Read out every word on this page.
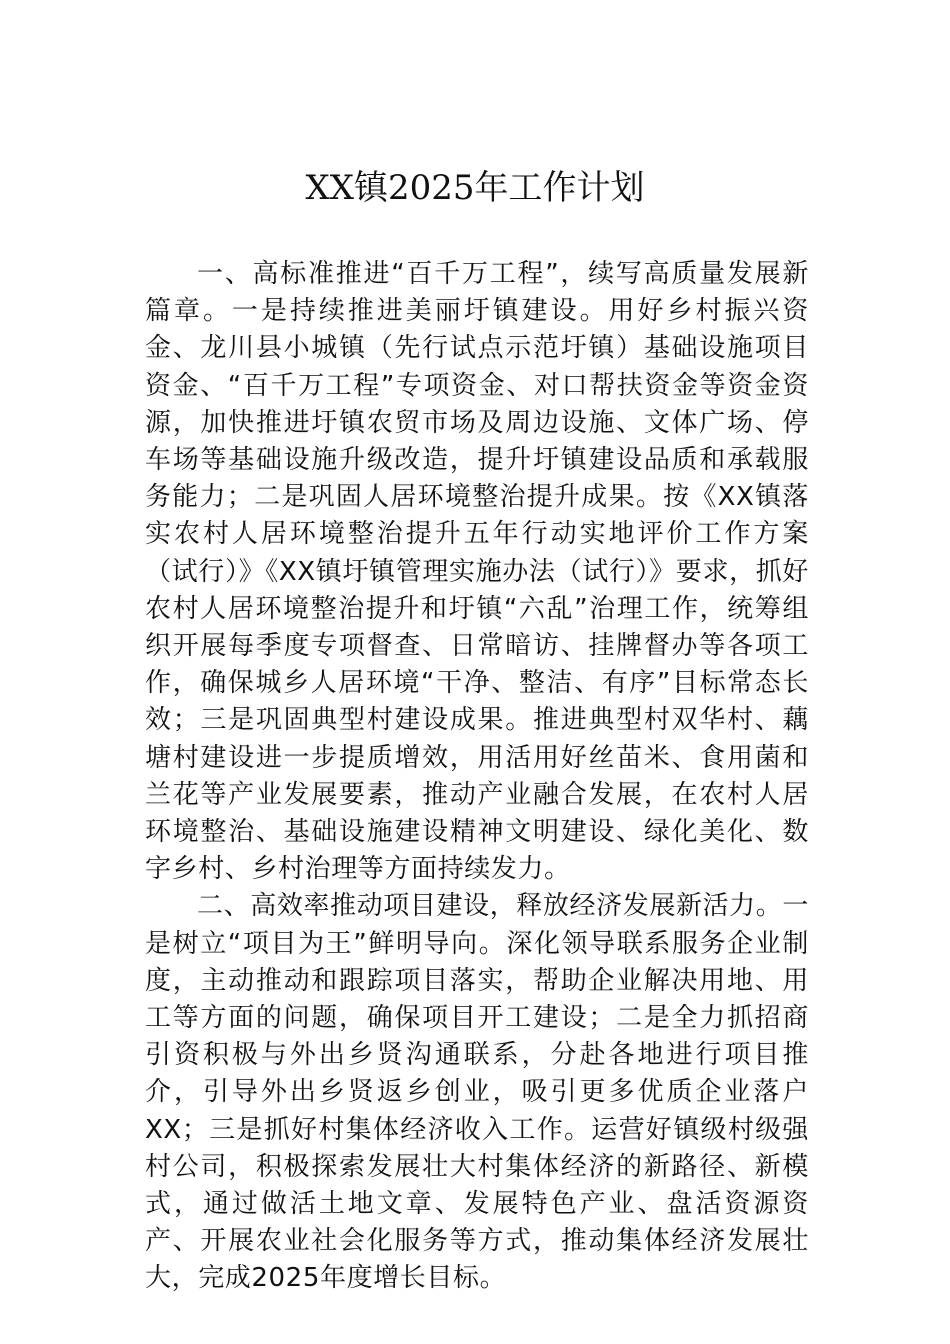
XX镇2025年工作计划

一、高标准推进“百千万工程”，续写高质量发展新篇章。一是持续推进美丽圩镇建设。用好乡村振兴资金、龙川县小城镇（先行试点示范圩镇）基础设施项目资金、“百千万工程”专项资金、对口帮扶资金等资金资源，加快推进圩镇农贸市场及周边设施、文体广场、停车场等基础设施升级改造，提升圩镇建设品质和承载服务能力；二是巩固人居环境整治提升成果。按《XX镇落实农村人居环境整治提升五年行动实地评价工作方案（试行）》《XX镇圩镇管理实施办法（试行）》要求，抓好农村人居环境整治提升和圩镇“六乱”治理工作，统筹组织开展每季度专项督查、日常暗访、挂牌督办等各项工作，确保城乡人居环境“干净、整洁、有序”目标常态长效；三是巩固典型村建设成果。推进典型村双华村、藕塘村建设进一步提质增效，用活用好丝苗米、食用菌和兰花等产业发展要素，推动产业融合发展，在农村人居环境整治、基础设施建设精神文明建设、绿化美化、数字乡村、乡村治理等方面持续发力。

二、高效率推动项目建设，释放经济发展新活力。一是树立“项目为王”鲜明导向。深化领导联系服务企业制度，主动推动和跟踪项目落实，帮助企业解决用地、用工等方面的问题，确保项目开工建设；二是全力抓招商引资积极与外出乡贤沟通联系，分赴各地进行项目推介，引导外出乡贤返乡创业，吸引更多优质企业落户XX；三是抓好村集体经济收入工作。运营好镇级村级强村公司，积极探索发展壮大村集体经济的新路径、新模式，通过做活土地文章、发展特色产业、盘活资源资产、开展农业社会化服务等方式，推动集体经济发展壮大，完成2025年度增长目标。
